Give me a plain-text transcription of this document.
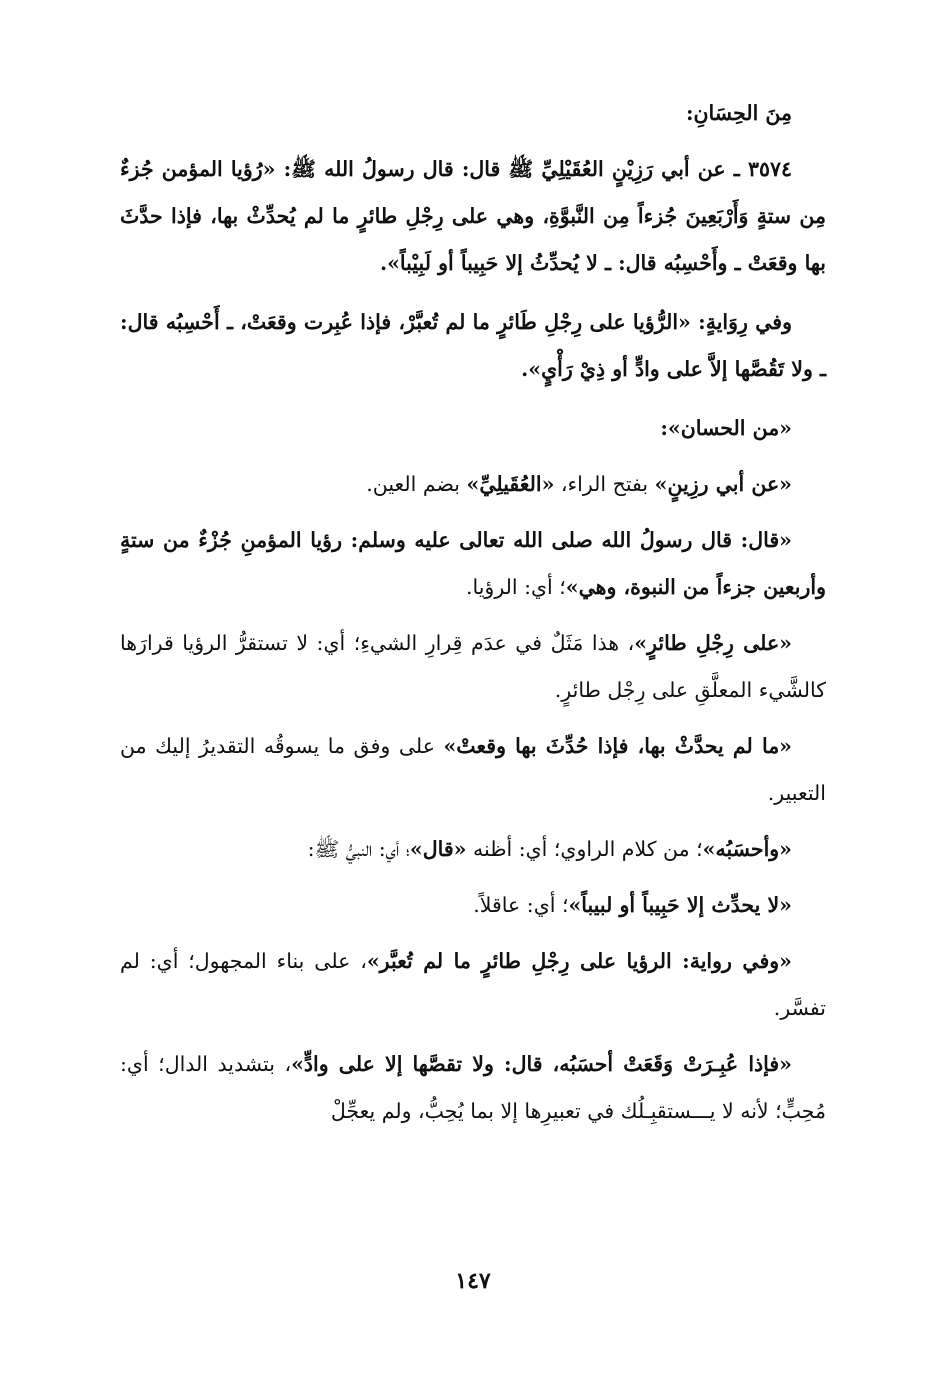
مِنَ الحِسَانِ:

٣٥٧٤ ـ عن أبي رَزِيْنٍ العُقَيْلِيِّ ﷺ قال: قال رسولُ الله ﷺ: «رُؤيا المؤمن جُزءٌ مِن ستةٍ وَأَرْبَعِينَ جُزءاً مِن النَّبوَّةِ، وهي على رِجْلِ طائرٍ ما لم يُحدِّثْ بها، فإذا حدَّثَ بها وقعَتْ ـ وأَحْسِبُه قال: ـ لا يُحدِّثُ إلا حَبِيباً أو لَبِيْباً».

وفي رِوَايةٍ: «الرُّؤيا على رِجْلِ طَائرٍ ما لم تُعبَّرْ، فإذا عُبِرت وقعَتْ، ـ أَحْسِبُه قال: ـ ولا تَقُصَّها إلاَّ على وادٍّ أو ذِيْ رَأْيٍ».

«من الحسان»:

«عن أبي رزِينٍ» بفتح الراء، «العُقَيلِيِّ» بضم العين.

«قال: قال رسولُ الله صلى الله تعالى عليه وسلم: رؤيا المؤمنِ جُزْءٌ من ستةٍ وأربعين جزءاً من النبوة، وهي»؛ أي: الرؤيا.

«على رِجْلِ طائرٍ»، هذا مَثَلٌ في عدَم قِرارِ الشيءِ؛ أي: لا تستقرُّ الرؤيا قرارَها كالشَّيء المعلَّقِ على رِجْل طائرٍ.

«ما لم يحدَّثْ بها، فإذا حُدِّثَ بها وقعتْ» على وفق ما يسوقُه التقديرُ إليك من التعبير.

«وأحسَبُه»؛ من كلام الراوي؛ أي: أظنه «قال»؛ أي: النبيُّ ﷺ:

«لا يحدِّث إلا حَبِيباً أو لبيباً»؛ أي: عاقلاً.

«وفي رواية: الرؤيا على رِجْلِ طائرٍ ما لم تُعبَّر»، على بناء المجهول؛ أي: لم تفسَّر.

«فإذا عُبِـرَتْ وَقَعَتْ أحسَبُه، قال: ولا تقصَّها إلا على وادٍّ»، بتشديد الدال؛ أي: مُحِبٍّ؛ لأنه لا يـــستقبِـلُك في تعبيرِها إلا بما يُحِبُّ، ولم يعجِّلْ

١٤٧
